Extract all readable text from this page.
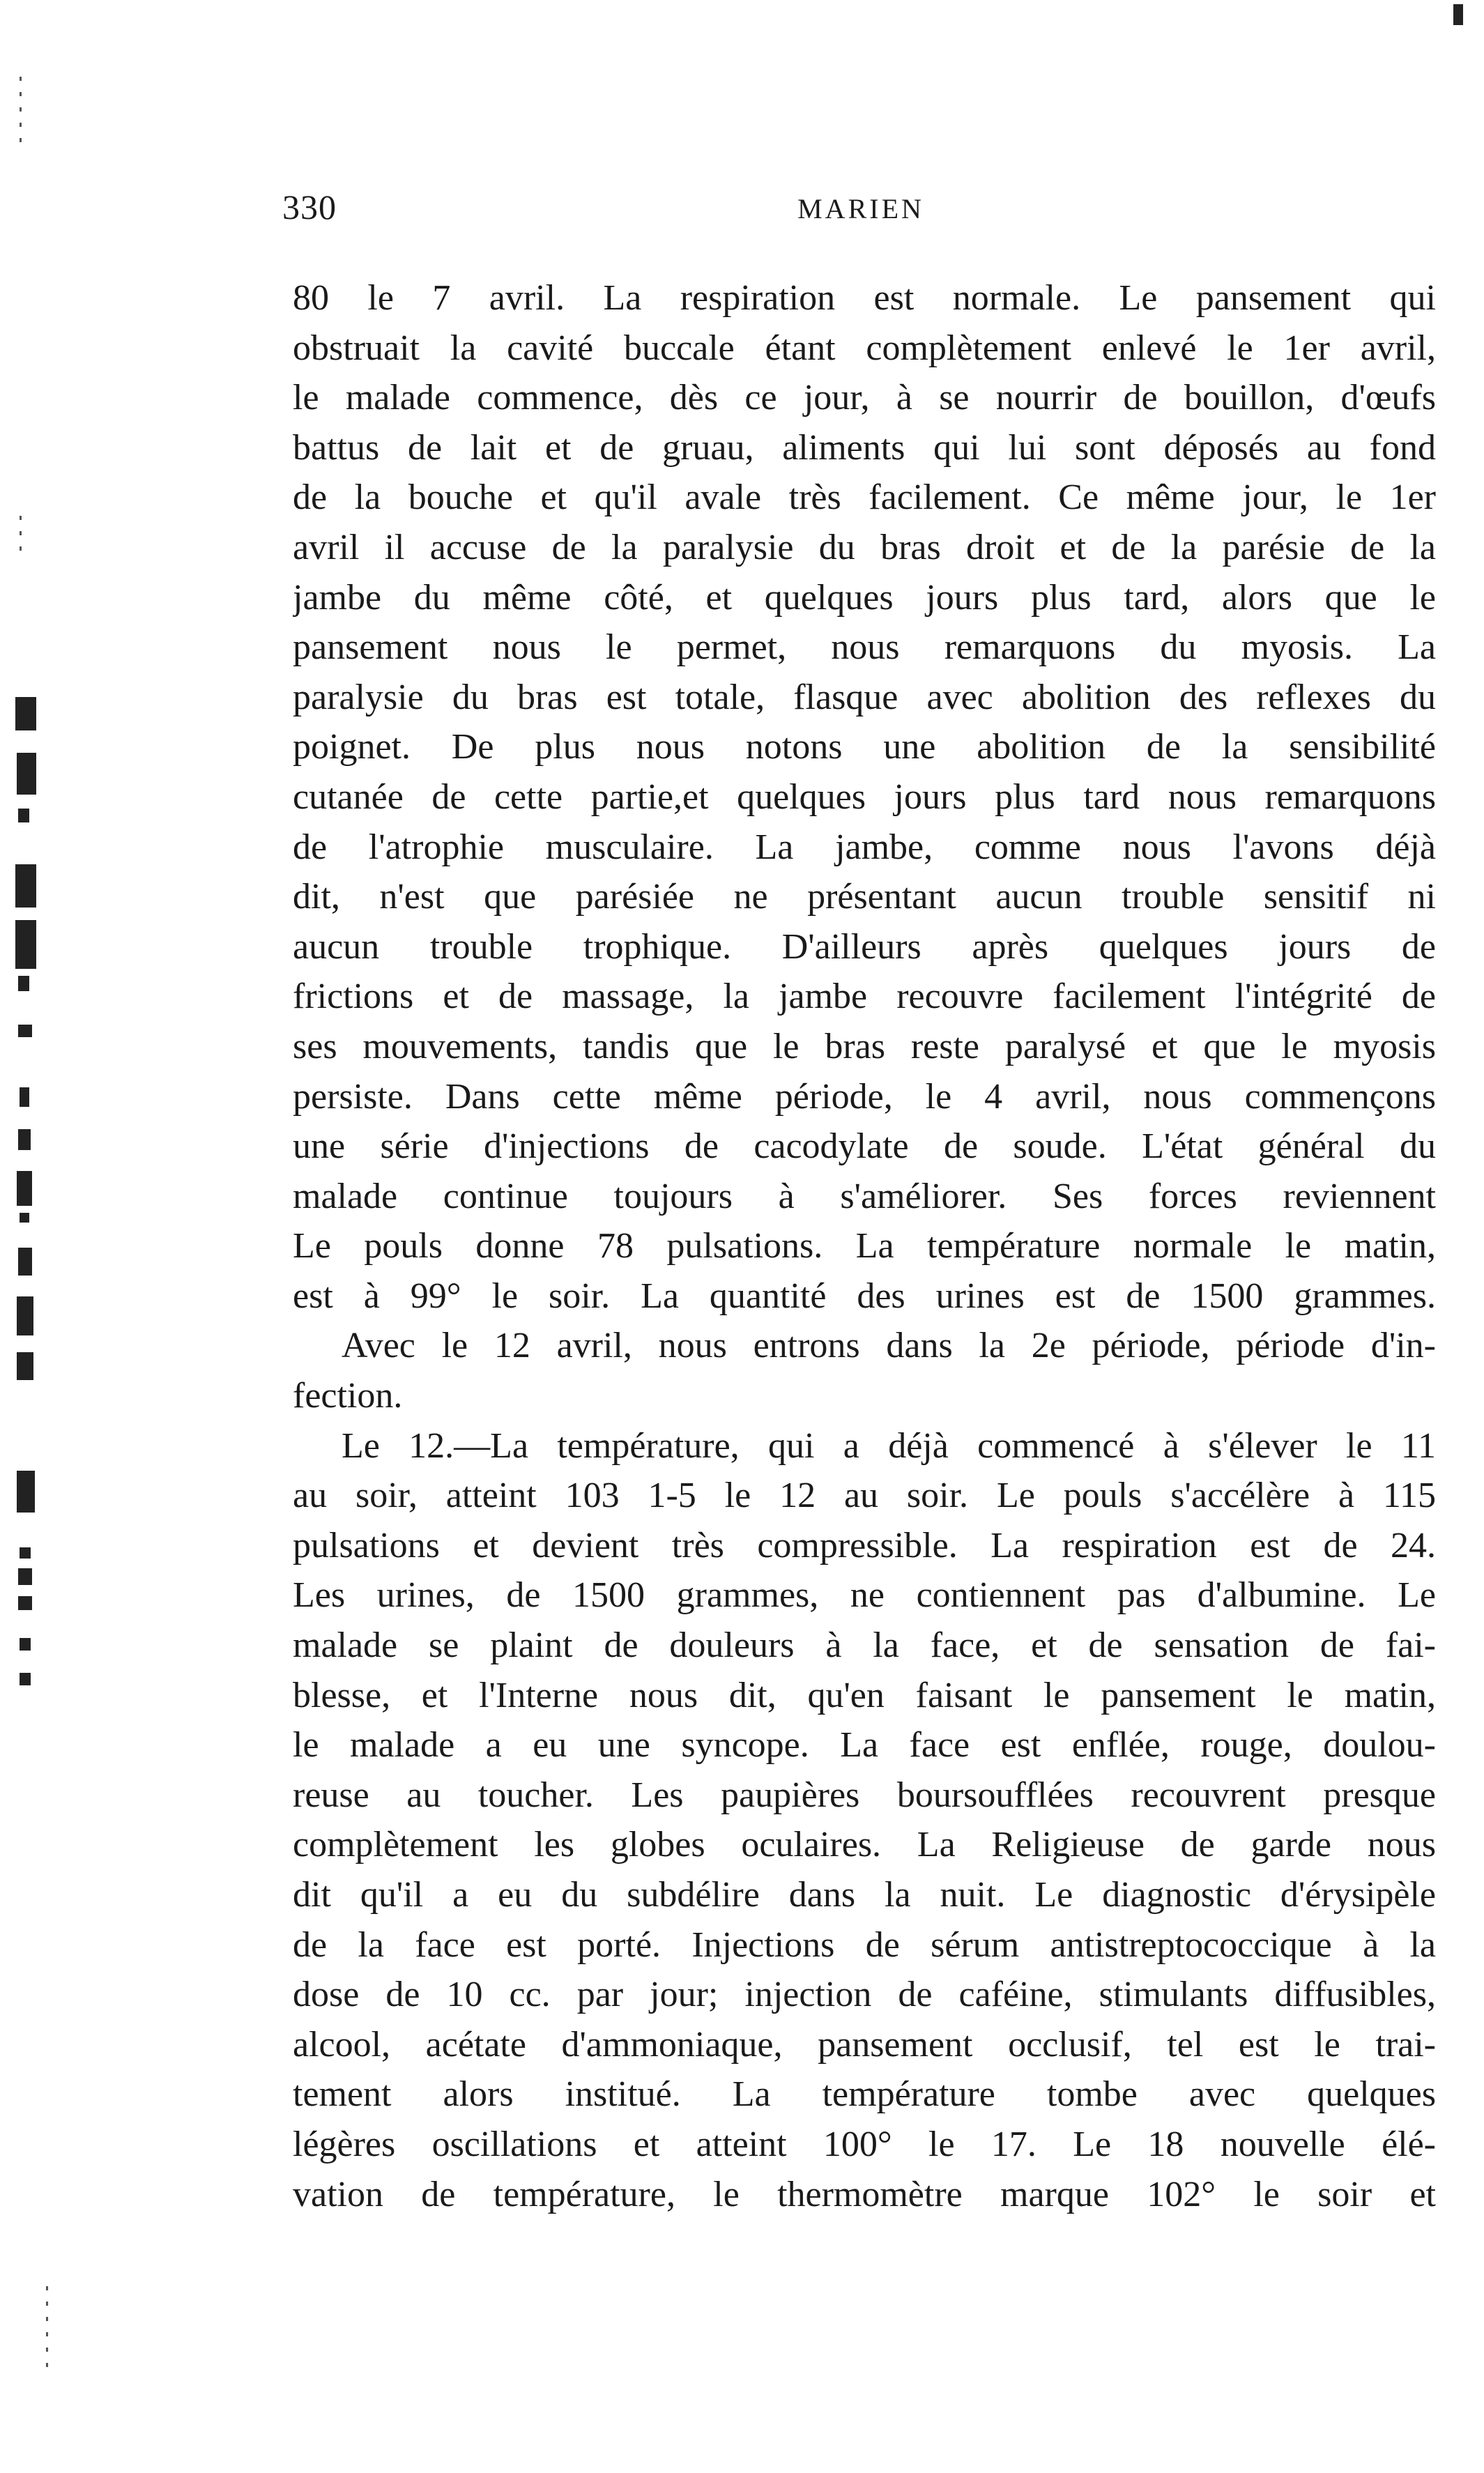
330	MARIEN
80 le 7 avril. La respiration est normale. Le pansement qui
obstruait la cavité buccale étant complètement enlevé le 1er avril,
le malade commence, dès ce jour, à se nourrir de bouillon, d'œufs
battus de lait et de gruau, aliments qui lui sont déposés au fond
de la bouche et qu'il avale très facilement. Ce même jour, le 1er
avril il accuse de la paralysie du bras droit et de la parésie de la
jambe du même côté, et quelques jours plus tard, alors que le
pansement nous le permet, nous remarquons du myosis. La
paralysie du bras est totale, flasque avec abolition des reflexes du
poignet. De plus nous notons une abolition de la sensibilité
cutanée de cette partie,et quelques jours plus tard nous remarquons
de l'atrophie musculaire. La jambe, comme nous l'avons déjà
dit, n'est que parésiée ne présentant aucun trouble sensitif ni
aucun trouble trophique. D'ailleurs après quelques jours de
frictions et de massage, la jambe recouvre facilement l'intégrité de
ses mouvements, tandis que le bras reste paralysé et que le myosis
persiste. Dans cette même période, le 4 avril, nous commençons
une série d'injections de cacodylate de soude. L'état général du
malade continue toujours à s'améliorer. Ses forces reviennent
Le pouls donne 78 pulsations. La température normale le matin,
est à 99° le soir. La quantité des urines est de 1500 grammes.
Avec le 12 avril, nous entrons dans la 2e période, période d'in-
fection.
Le 12.—La température, qui a déjà commencé à s'élever le 11
au soir, atteint 103 1-5 le 12 au soir. Le pouls s'accélère à 115
pulsations et devient très compressible. La respiration est de 24.
Les urines, de 1500 grammes, ne contiennent pas d'albumine. Le
malade se plaint de douleurs à la face, et de sensation de fai-
blesse, et l'Interne nous dit, qu'en faisant le pansement le matin,
le malade a eu une syncope. La face est enflée, rouge, doulou-
reuse au toucher. Les paupières boursoufflées recouvrent presque
complètement les globes oculaires. La Religieuse de garde nous
dit qu'il a eu du subdélire dans la nuit. Le diagnostic d'érysipèle
de la face est porté. Injections de sérum antistreptococcique à la
dose de 10 cc. par jour; injection de caféine, stimulants diffusibles,
alcool, acétate d'ammoniaque, pansement occlusif, tel est le trai-
tement alors institué. La température tombe avec quelques
légères oscillations et atteint 100° le 17. Le 18 nouvelle élé-
vation de température, le thermomètre marque 102° le soir et
